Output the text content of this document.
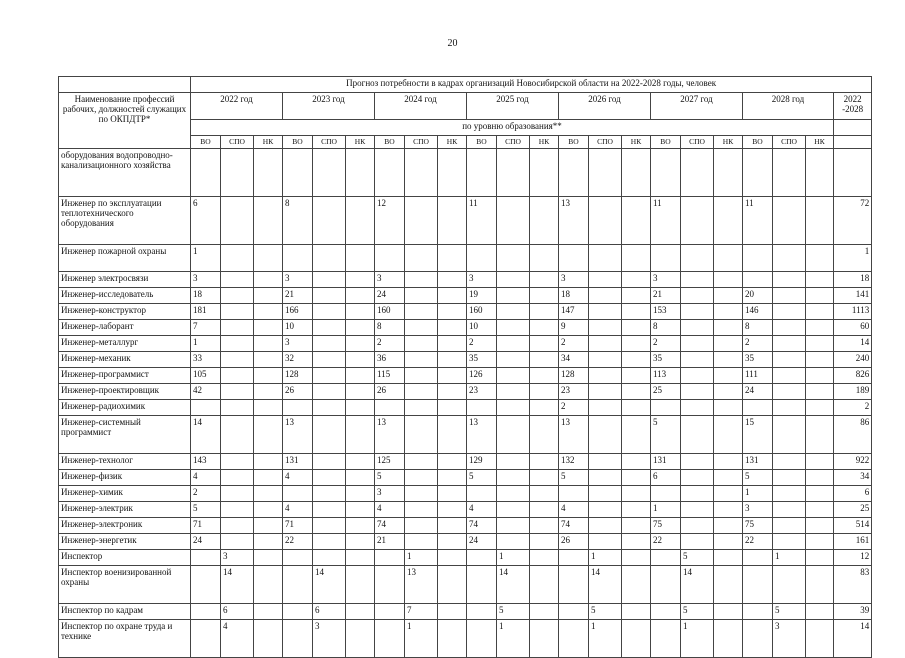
20
	Прогноз потребности в кадрах организаций Новосибирской области на 2022-2028 годы, человек																					
Наименование профессий рабочих, должностей служащих по ОКПДТР*	2022 год			2023 год			2024 год			2025 год			2026 год			2027 год			2028 год			2022 -2028
	по уровню образования**																					
	ВО	СПО	НК	ВО	СПО	НК	ВО	СПО	НК	ВО	СПО	НК	ВО	СПО	НК	ВО	СПО	НК	ВО	СПО	НК	
оборудования водопроводно-канализационного хозяйства																						
Инженер по эксплуатации теплотехнического оборудования	6			8			12			11			13			11			11			72
Инженер пожарной охраны	1																					1
Инженер электросвязи	3			3			3			3			3			3						18
Инженер-исследователь	18			21			24			19			18			21			20			141
Инженер-конструктор	181			166			160			160			147			153			146			1113
Инженер-лаборант	7			10			8			10			9			8			8			60
Инженер-металлург	1			3			2			2			2			2			2			14
Инженер-механик	33			32			36			35			34			35			35			240
Инженер-программист	105			128			115			126			128			113			111			826
Инженер-проектировщик	42			26			26			23			23			25			24			189
Инженер-радиохимик													2									2
Инженер-системный программист	14			13			13			13			13			5			15			86
Инженер-технолог	143			131			125			129			132			131			131			922
Инженер-физик	4			4			5			5			5			6			5			34
Инженер-химик	2						3												1			6
Инженер-электрик	5			4			4			4			4			1			3			25
Инженер-электроник	71			71			74			74			74			75			75			514
Инженер-энергетик	24			22			21			24			26			22			22			161
Инспектор		3						1			1			1			5			1		12
Инспектор военизированной охраны		14			14			13			14			14			14					83
Инспектор по кадрам		6			6			7			5			5			5			5		39
Инспектор по охране труда и технике		4			3			1			1			1			1			3		14
